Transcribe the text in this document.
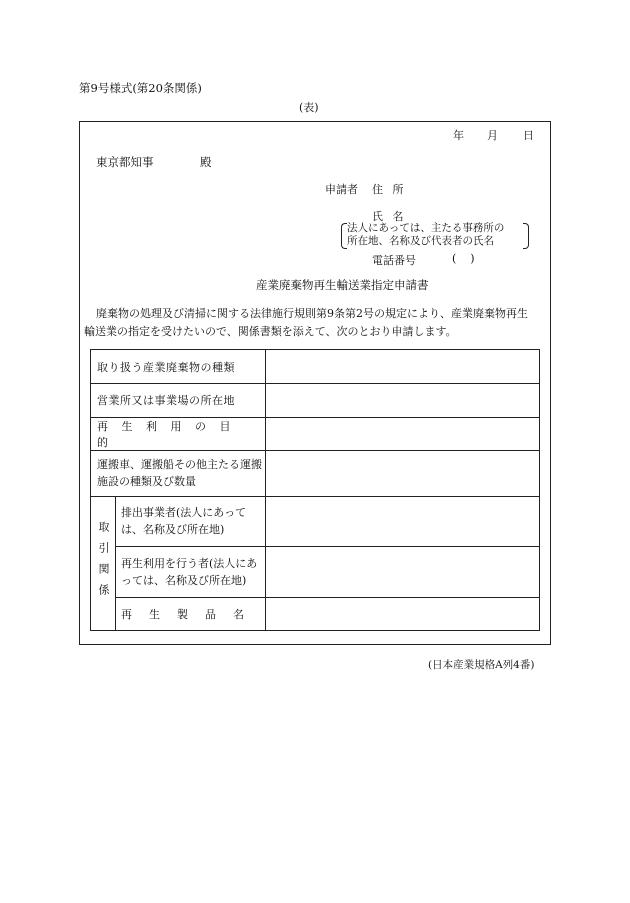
第9号様式(第20条関係)
(表)
年 月 日
東京都知事	殿
申請者 住 所
氏 名
法人にあっては、主たる事務所の
所在地、名称及び代表者の氏名
電話番号	(    )
産業廃棄物再生輸送業指定申請書
廃棄物の処理及び清掃に関する法律施行規則第9条第2号の規定により、産業廃棄物再生
輸送業の指定を受けたいので、関係書類を添えて、次のとおり申請します。
取り扱う産業廃棄物の種類
営業所又は事業場の所在地
再生利用の目的
運搬車、運搬船その他主たる運搬施設の種類及び数量
取引関係
排出事業者(法人にあっては、名称及び所在地)
再生利用を行う者(法人にあっては、名称及び所在地)
再生製品名
(日本産業規格A列4番)
